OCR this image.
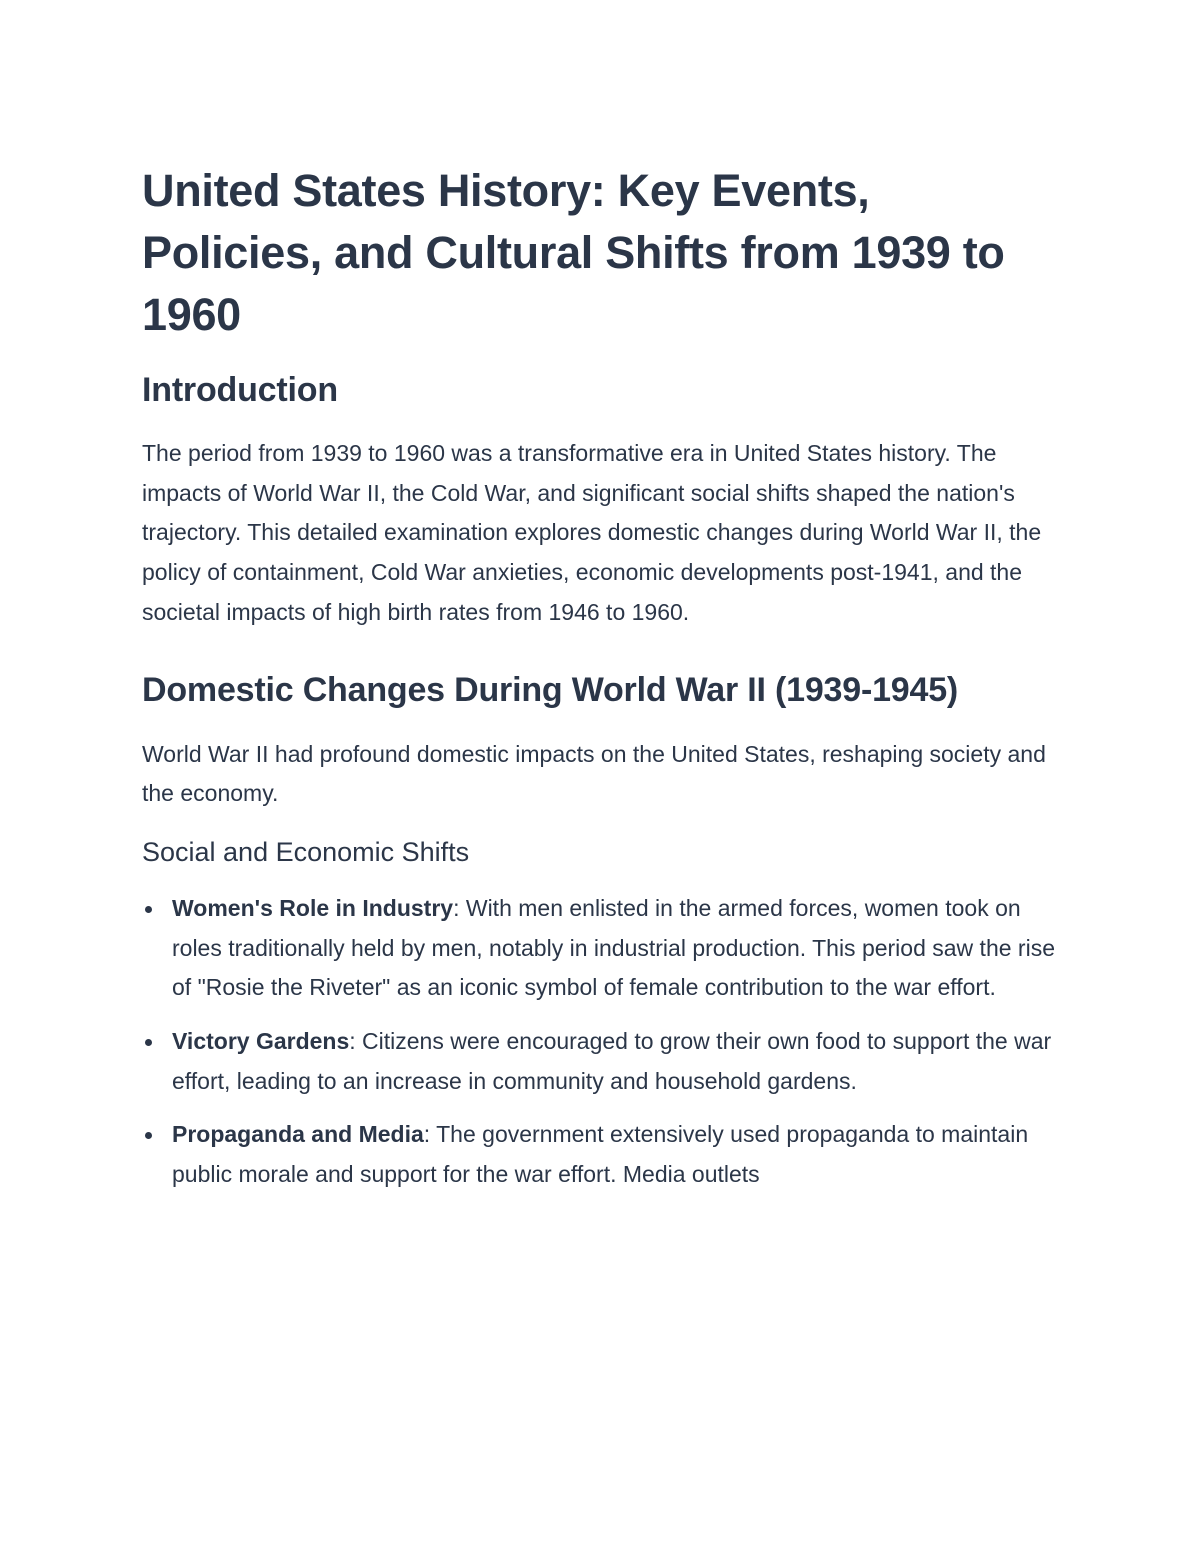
United States History: Key Events, Policies, and Cultural Shifts from 1939 to 1960
Introduction

The period from 1939 to 1960 was a transformative era in United States history. The impacts of World War II, the Cold War, and significant social shifts shaped the nation's trajectory. This detailed examination explores domestic changes during World War II, the policy of containment, Cold War anxieties, economic developments post-1941, and the societal impacts of high birth rates from 1946 to 1960.

Domestic Changes During World War II (1939-1945)

World War II had profound domestic impacts on the United States, reshaping society and the economy.

Social and Economic Shifts
Women's Role in Industry: With men enlisted in the armed forces, women took on roles traditionally held by men, notably in industrial production. This period saw the rise of "Rosie the Riveter" as an iconic symbol of female contribution to the war effort.
Victory Gardens: Citizens were encouraged to grow their own food to support the war effort, leading to an increase in community and household gardens.
Propaganda and Media: The government extensively used propaganda to maintain public morale and support for the war effort. Media outlets
